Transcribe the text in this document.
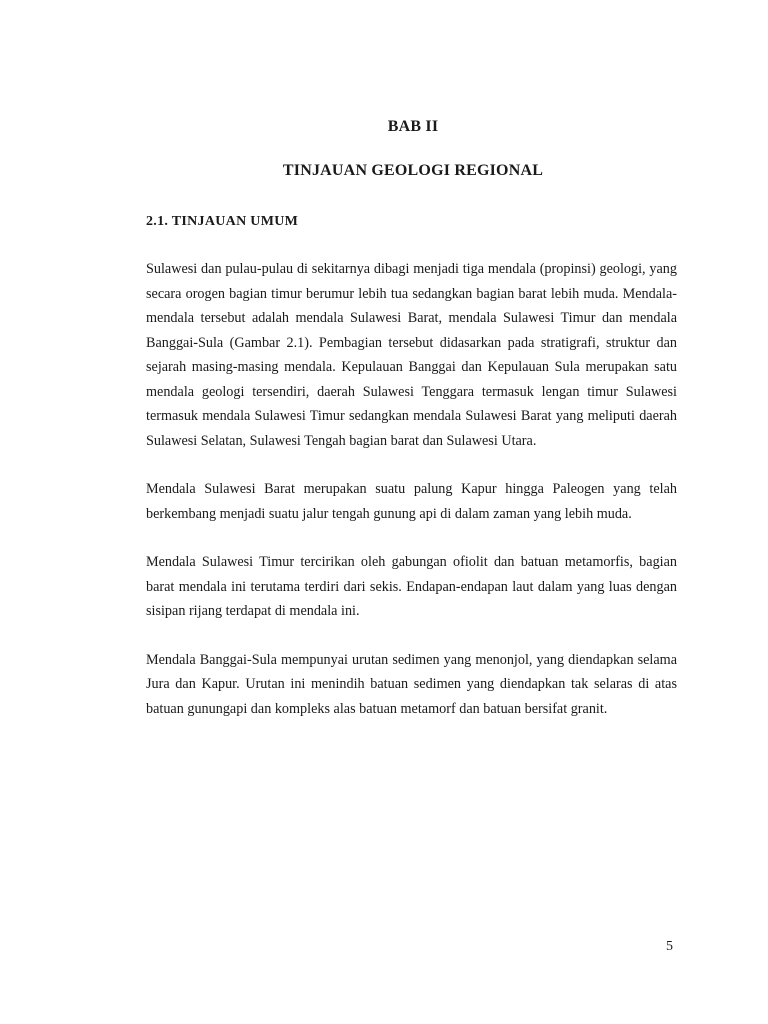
BAB II
TINJAUAN GEOLOGI REGIONAL
2.1. TINJAUAN UMUM

Sulawesi dan pulau-pulau di sekitarnya dibagi menjadi tiga mendala (propinsi) geologi, yang secara orogen bagian timur berumur lebih tua sedangkan bagian barat lebih muda. Mendala-mendala tersebut adalah mendala Sulawesi Barat, mendala Sulawesi Timur dan mendala Banggai-Sula (Gambar 2.1). Pembagian tersebut didasarkan pada stratigrafi, struktur dan sejarah masing-masing mendala. Kepulauan Banggai dan Kepulauan Sula merupakan satu mendala geologi tersendiri, daerah Sulawesi Tenggara termasuk lengan timur Sulawesi termasuk mendala Sulawesi Timur sedangkan mendala Sulawesi Barat yang meliputi daerah Sulawesi Selatan, Sulawesi Tengah bagian barat dan Sulawesi Utara.

Mendala Sulawesi Barat merupakan suatu palung Kapur hingga Paleogen yang telah berkembang menjadi suatu jalur tengah gunung api di dalam zaman yang lebih muda.

Mendala Sulawesi Timur tercirikan oleh gabungan ofiolit dan batuan metamorfis, bagian barat mendala ini terutama terdiri dari sekis. Endapan-endapan laut dalam yang luas dengan sisipan rijang terdapat di mendala ini.

Mendala Banggai-Sula mempunyai urutan sedimen yang menonjol, yang diendapkan selama Jura dan Kapur. Urutan ini menindih batuan sedimen yang diendapkan tak selaras di atas batuan gunungapi dan kompleks alas batuan metamorf dan batuan bersifat granit.

5
